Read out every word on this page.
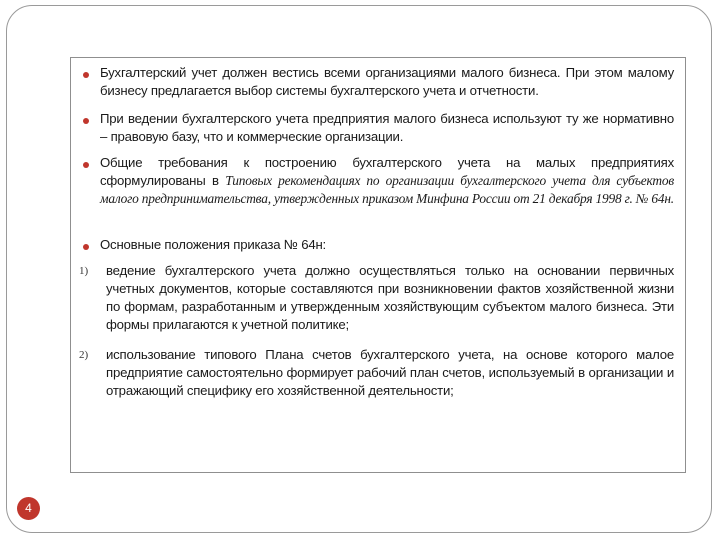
Бухгалтерский учет должен вестись всеми организациями малого бизнеса. При этом малому бизнесу предлагается выбор системы бухгалтерского учета и отчетности.
При ведении бухгалтерского учета предприятия малого бизнеса используют ту же нормативно – правовую базу, что и коммерческие организации.
Общие требования к построению бухгалтерского учета на малых предприятиях сформулированы в Типовых рекомендациях по организации бухгалтерского учета для субъектов малого предпринимательства, утвержденных приказом Минфина России от 21 декабря 1998 г. № 64н.
Основные положения приказа № 64н:
1) ведение бухгалтерского учета должно осуществляться только на основании первичных учетных документов, которые составляются при возникновении фактов хозяйственной жизни по формам, разработанным и утвержденным хозяйствующим субъектом малого бизнеса. Эти формы прилагаются к учетной политике;
2) использование типового Плана счетов бухгалтерского учета, на основе которого малое предприятие самостоятельно формирует рабочий план счетов, используемый в организации и отражающий специфику его хозяйственной деятельности;
4
